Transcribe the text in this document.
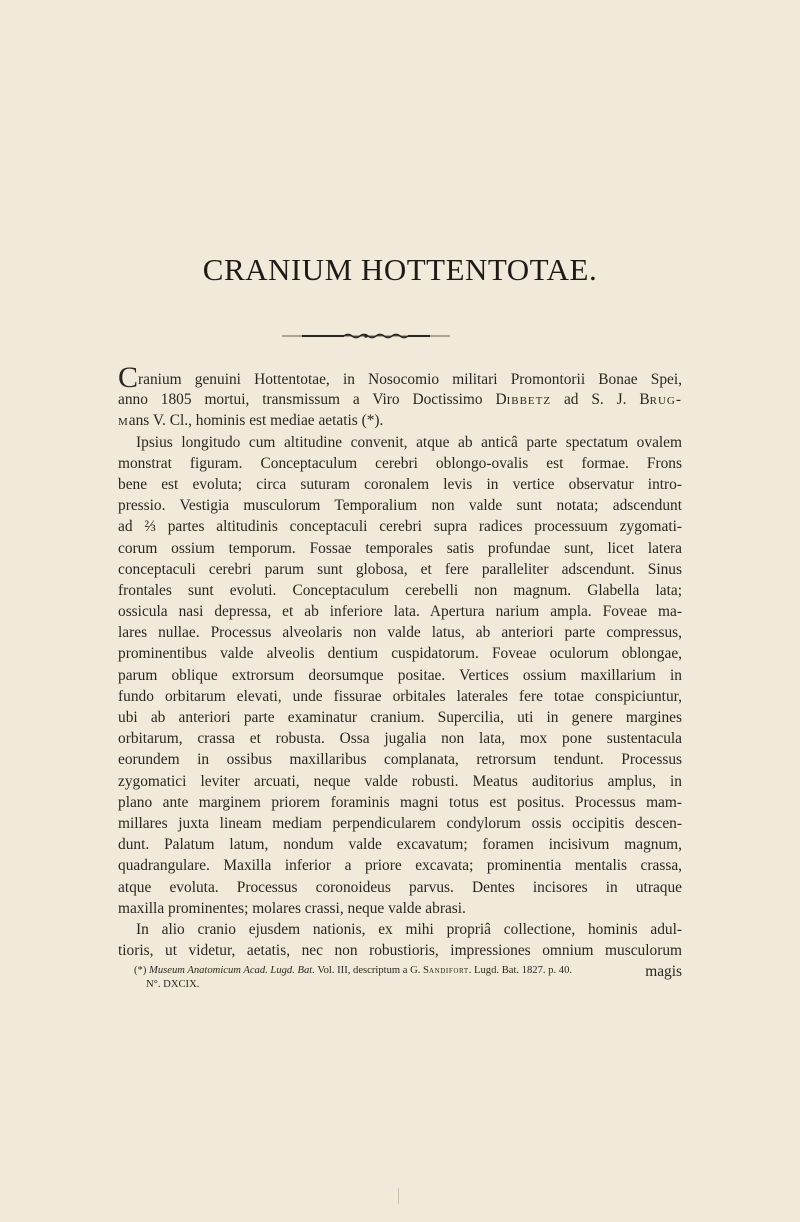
CRANIUM HOTTENTOTAE.
Cranium genuini Hottentotae, in Nosocomio militari Promontorii Bonae Spei,
anno 1805 mortui, transmissum a Viro Doctissimo Dibbetz ad S. J. Brug-
mans V. Cl., hominis est mediae aetatis (*).
Ipsius longitudo cum altitudine convenit, atque ab anticâ parte spectatum ovalem
monstrat figuram. Conceptaculum cerebri oblongo-ovalis est formae. Frons
bene est evoluta; circa suturam coronalem levis in vertice observatur intro-
pressio. Vestigia musculorum Temporalium non valde sunt notata; adscendunt
ad ⅔ partes altitudinis conceptaculi cerebri supra radices processuum zygomati-
corum ossium temporum. Fossae temporales satis profundae sunt, licet latera
conceptaculi cerebri parum sunt globosa, et fere paralleliter adscendunt. Sinus
frontales sunt evoluti. Conceptaculum cerebelli non magnum. Glabella lata;
ossicula nasi depressa, et ab inferiore lata. Apertura narium ampla. Foveae ma-
lares nullae. Processus alveolaris non valde latus, ab anteriori parte compressus,
prominentibus valde alveolis dentium cuspidatorum. Foveae oculorum oblongae,
parum oblique extrorsum deorsumque positae. Vertices ossium maxillarium in
fundo orbitarum elevati, unde fissurae orbitales laterales fere totae conspiciuntur,
ubi ab anteriori parte examinatur cranium. Supercilia, uti in genere margines
orbitarum, crassa et robusta. Ossa jugalia non lata, mox pone sustentacula
eorundem in ossibus maxillaribus complanata, retrorsum tendunt. Processus
zygomatici leviter arcuati, neque valde robusti. Meatus auditorius amplus, in
plano ante marginem priorem foraminis magni totus est positus. Processus mam-
millares juxta lineam mediam perpendicularem condylorum ossis occipitis descen-
dunt. Palatum latum, nondum valde excavatum; foramen incisivum magnum,
quadrangulare. Maxilla inferior a priore excavata; prominentia mentalis crassa,
atque evoluta. Processus coronoideus parvus. Dentes incisores in utraque
maxilla prominentes; molares crassi, neque valde abrasi.
In alio cranio ejusdem nationis, ex mihi propriâ collectione, hominis adul-
tioris, ut videtur, aetatis, nec non robustioris, impressiones omnium musculorum
magis
(*) Museum Anatomicum Acad. Lugd. Bat. Vol. III, descriptum a G. Sandifort. Lugd. Bat. 1827. p. 40.
N°. DXCIX.
